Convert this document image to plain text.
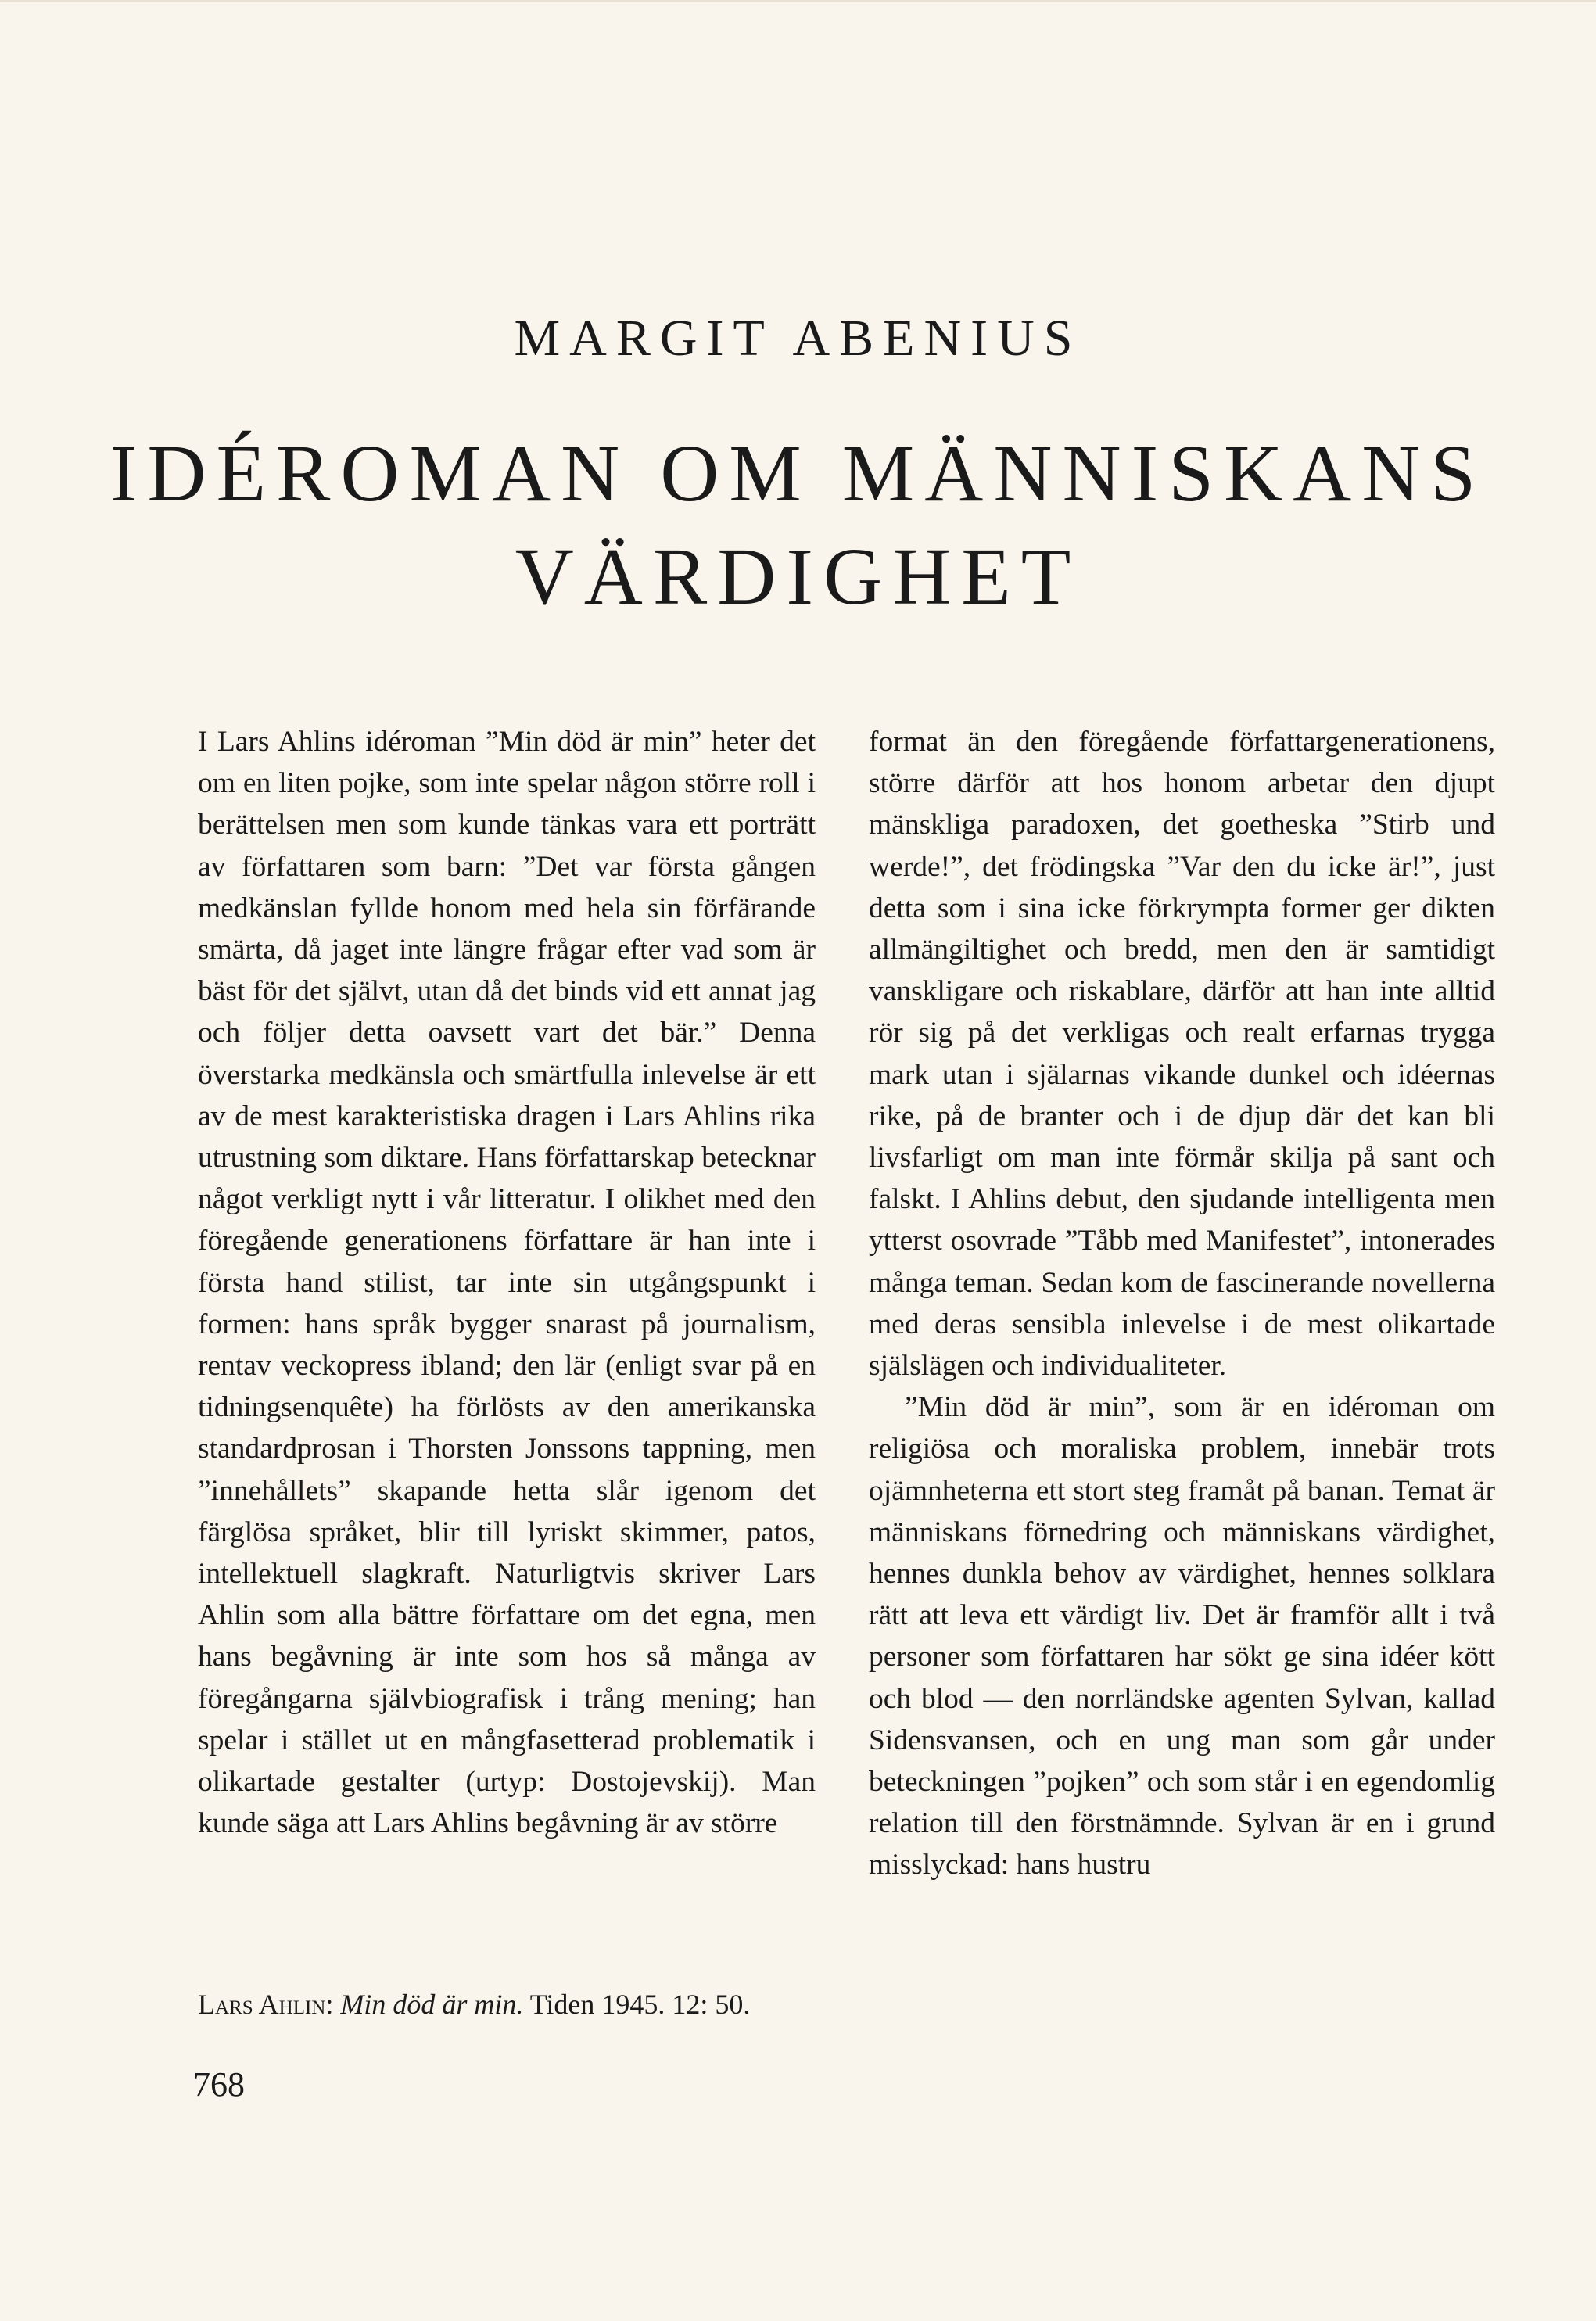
MARGIT ABENIUS
IDÉROMAN OM MÄNNISKANS
VÄRDIGHET

I Lars Ahlins idéroman ”Min död är min” heter det om en liten pojke, som inte spelar någon större roll i berättelsen men som kunde tänkas vara ett porträtt av författaren som barn: ”Det var första gången medkänslan fyllde honom med hela sin förfärande smärta, då jaget inte längre frågar efter vad som är bäst för det självt, utan då det binds vid ett annat jag och följer detta oavsett vart det bär.” Denna överstarka medkänsla och smärtfulla inlevelse är ett av de mest karakteristiska dragen i Lars Ahlins rika utrustning som diktare. Hans författarskap betecknar något verkligt nytt i vår litteratur. I olikhet med den föregående generationens författare är han inte i första hand stilist, tar inte sin utgångspunkt i formen: hans språk bygger snarast på journalism, rentav veckopress ibland; den lär (enligt svar på en tidningsenquête) ha förlösts av den amerikanska standardprosan i Thorsten Jonssons tappning, men ”innehållets” skapande hetta slår igenom det färglösa språket, blir till lyriskt skimmer, patos, intellektuell slagkraft. Naturligtvis skriver Lars Ahlin som alla bättre författare om det egna, men hans begåvning är inte som hos så många av föregångarna självbiografisk i trång mening; han spelar i stället ut en mångfasetterad problematik i olikartade gestalter (urtyp: Dostojevskij). Man kunde säga att Lars Ahlins begåvning är av större

Lars Ahlin: Min död är min. Tiden 1945. 12: 50.

format än den föregående författargenerationens, större därför att hos honom arbetar den djupt mänskliga paradoxen, det goetheska ”Stirb und werde!”, det frödingska ”Var den du icke är!”, just detta som i sina icke förkrympta former ger dikten allmängiltighet och bredd, men den är samtidigt vanskligare och riskablare, därför att han inte alltid rör sig på det verkligas och realt erfarnas trygga mark utan i själarnas vikande dunkel och idéernas rike, på de branter och i de djup där det kan bli livsfarligt om man inte förmår skilja på sant och falskt. I Ahlins debut, den sjudande intelligenta men ytterst osovrade ”Tåbb med Manifestet”, intonerades många teman. Sedan kom de fascinerande novellerna med deras sensibla inlevelse i de mest olikartade själslägen och individualiteter.

”Min död är min”, som är en idéroman om religiösa och moraliska problem, innebär trots ojämnheterna ett stort steg framåt på banan. Temat är människans förnedring och människans värdighet, hennes dunkla behov av värdighet, hennes solklara rätt att leva ett värdigt liv. Det är framför allt i två personer som författaren har sökt ge sina idéer kött och blod — den norrländske agenten Sylvan, kallad Sidensvansen, och en ung man som går under beteckningen ”pojken” och som står i en egendomlig relation till den förstnämnde. Sylvan är en i grund misslyckad: hans hustru

768
